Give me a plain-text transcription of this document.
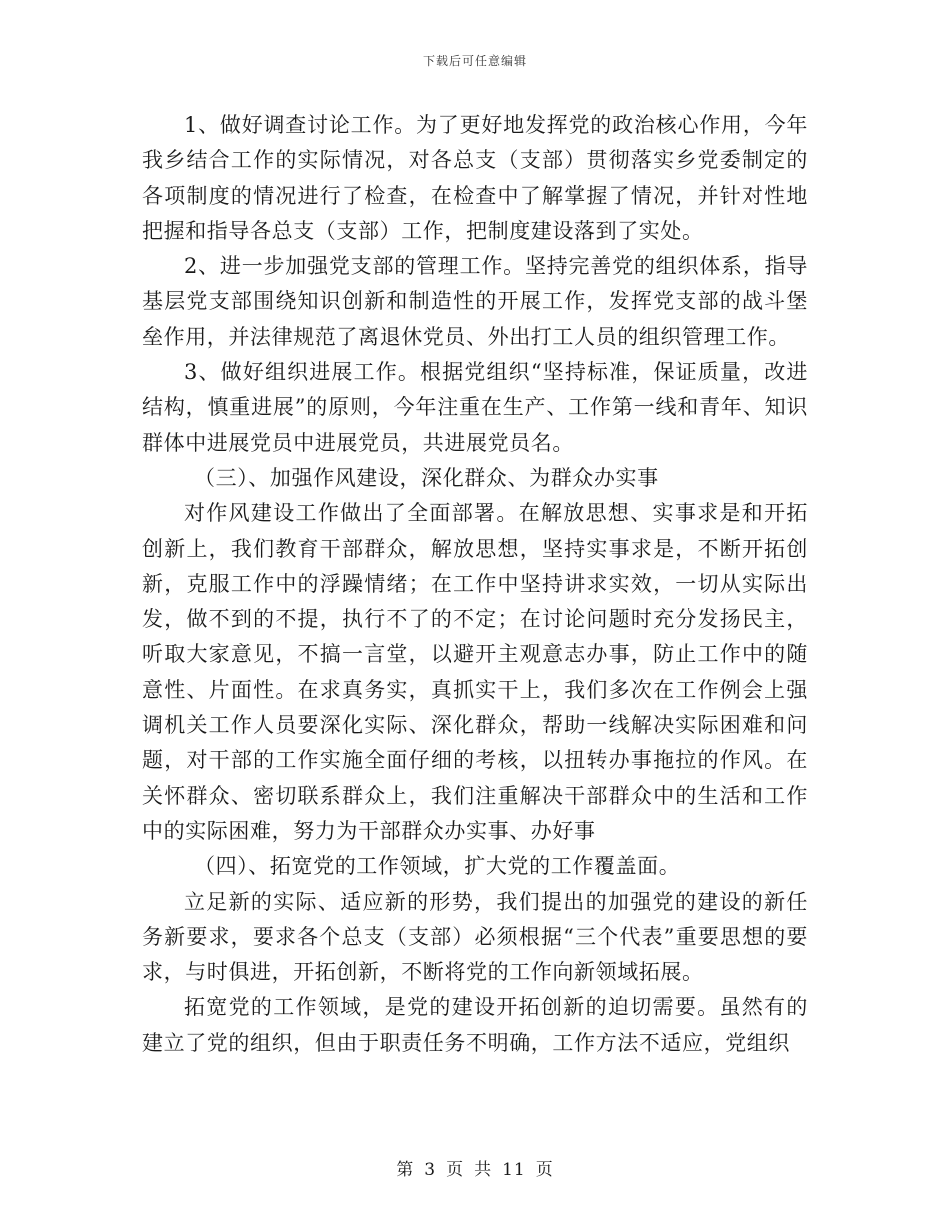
下载后可任意编辑

1、做好调查讨论工作。为了更好地发挥党的政治核心作用，今年我乡结合工作的实际情况，对各总支（支部）贯彻落实乡党委制定的各项制度的情况进行了检查，在检查中了解掌握了情况，并针对性地把握和指导各总支（支部）工作，把制度建设落到了实处。

2、进一步加强党支部的管理工作。坚持完善党的组织体系，指导基层党支部围绕知识创新和制造性的开展工作，发挥党支部的战斗堡垒作用，并法律规范了离退休党员、外出打工人员的组织管理工作。

3、做好组织进展工作。根据党组织“坚持标准，保证质量，改进结构，慎重进展”的原则，今年注重在生产、工作第一线和青年、知识群体中进展党员中进展党员，共进展党员名。

（三）、加强作风建设，深化群众、为群众办实事

对作风建设工作做出了全面部署。在解放思想、实事求是和开拓创新上，我们教育干部群众，解放思想，坚持实事求是，不断开拓创新，克服工作中的浮躁情绪；在工作中坚持讲求实效，一切从实际出发，做不到的不提，执行不了的不定；在讨论问题时充分发扬民主，听取大家意见，不搞一言堂，以避开主观意志办事，防止工作中的随意性、片面性。在求真务实，真抓实干上，我们多次在工作例会上强调机关工作人员要深化实际、深化群众，帮助一线解决实际困难和问题，对干部的工作实施全面仔细的考核，以扭转办事拖拉的作风。在关怀群众、密切联系群众上，我们注重解决干部群众中的生活和工作中的实际困难，努力为干部群众办实事、办好事

（四）、拓宽党的工作领域，扩大党的工作覆盖面。

立足新的实际、适应新的形势，我们提出的加强党的建设的新任务新要求，要求各个总支（支部）必须根据“三个代表”重要思想的要求，与时俱进，开拓创新，不断将党的工作向新领域拓展。

拓宽党的工作领域，是党的建设开拓创新的迫切需要。虽然有的建立了党的组织，但由于职责任务不明确，工作方法不适应，党组织

第 3 页 共 11 页
